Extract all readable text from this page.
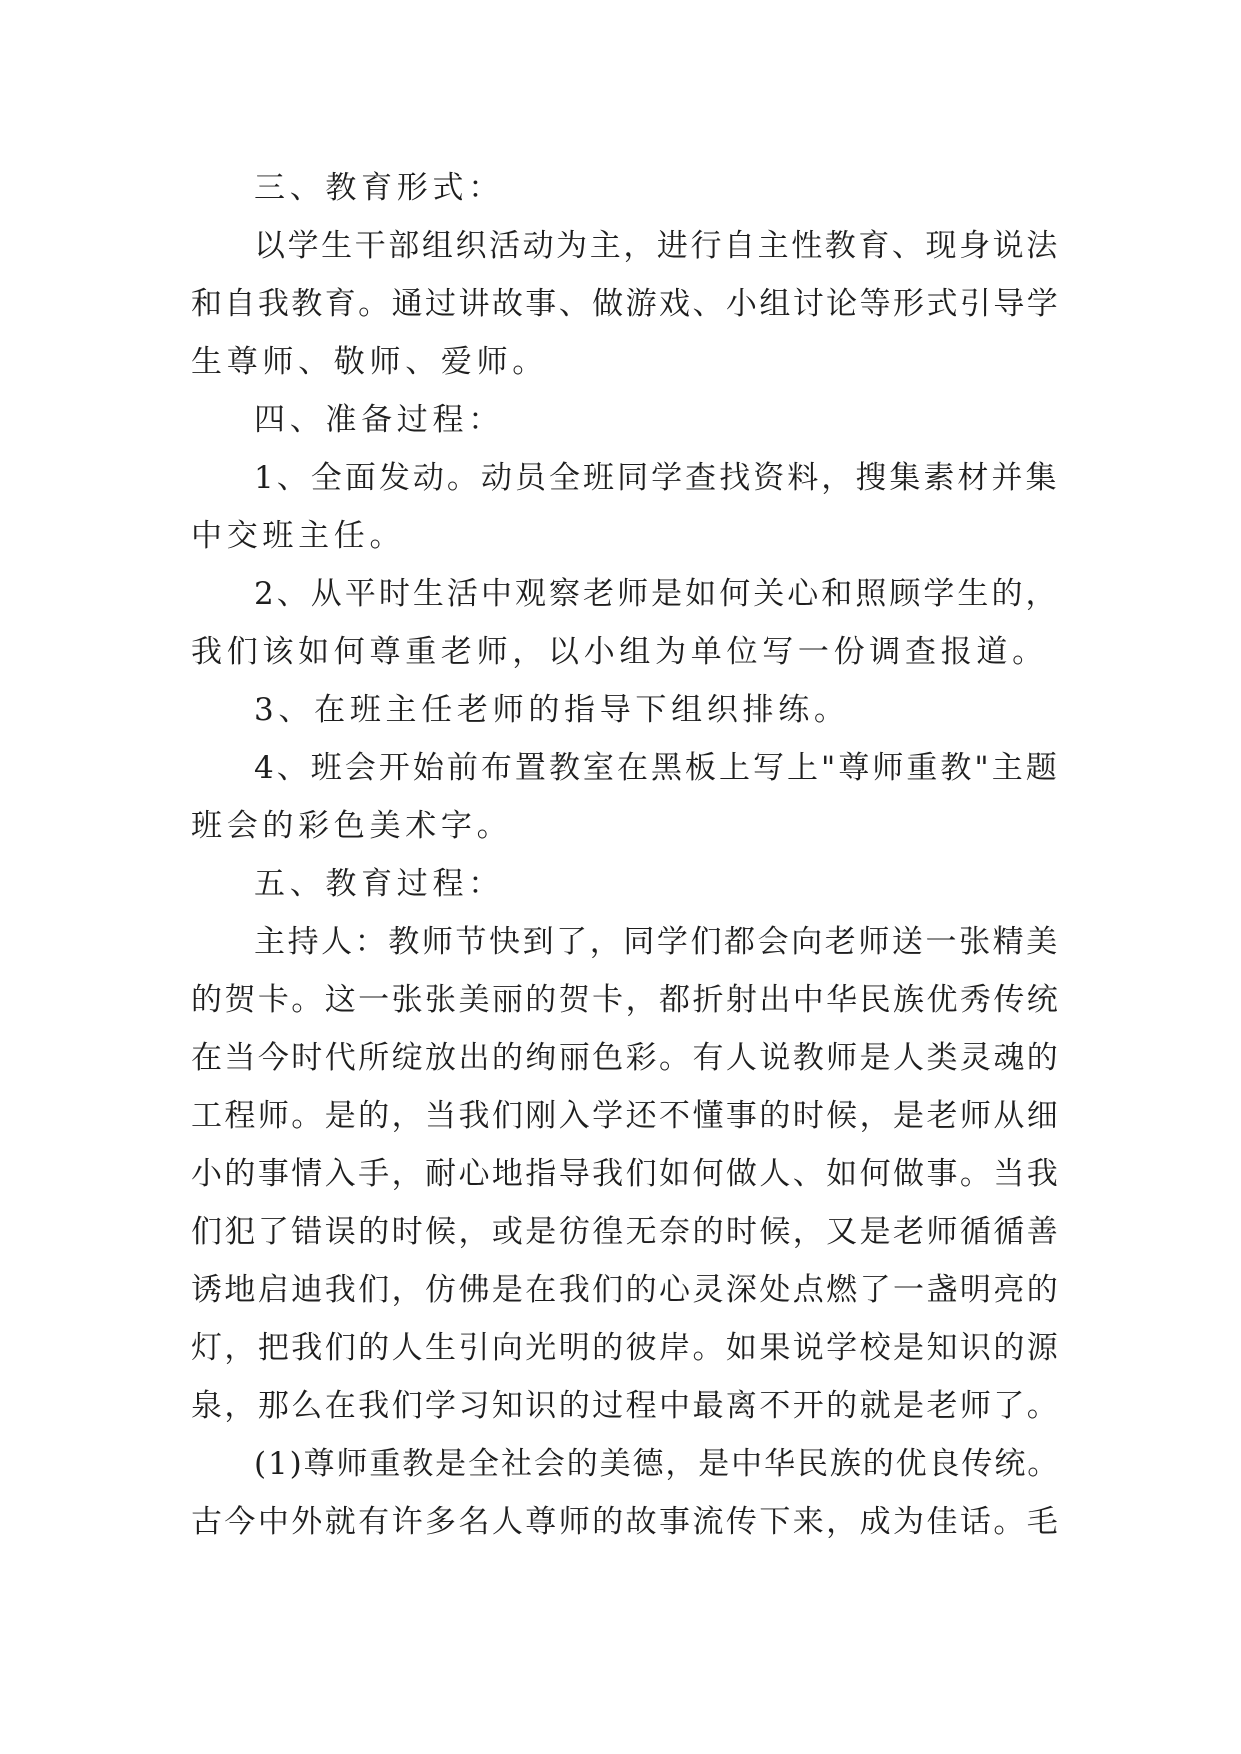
三、教育形式：
以学生干部组织活动为主，进行自主性教育、现身说法
和自我教育。通过讲故事、做游戏、小组讨论等形式引导学
生尊师、敬师、爱师。
四、准备过程：
1、全面发动。动员全班同学查找资料，搜集素材并集
中交班主任。
2、从平时生活中观察老师是如何关心和照顾学生的，
我们该如何尊重老师，以小组为单位写一份调查报道。
3、在班主任老师的指导下组织排练。
4、班会开始前布置教室在黑板上写上"尊师重教"主题
班会的彩色美术字。
五、教育过程：
主持人：教师节快到了，同学们都会向老师送一张精美
的贺卡。这一张张美丽的贺卡，都折射出中华民族优秀传统
在当今时代所绽放出的绚丽色彩。有人说教师是人类灵魂的
工程师。是的，当我们刚入学还不懂事的时候，是老师从细
小的事情入手，耐心地指导我们如何做人、如何做事。当我
们犯了错误的时候，或是彷徨无奈的时候，又是老师循循善
诱地启迪我们，仿佛是在我们的心灵深处点燃了一盏明亮的
灯，把我们的人生引向光明的彼岸。如果说学校是知识的源
泉，那么在我们学习知识的过程中最离不开的就是老师了。
(1)尊师重教是全社会的美德，是中华民族的优良传统。
古今中外就有许多名人尊师的故事流传下来，成为佳话。毛
